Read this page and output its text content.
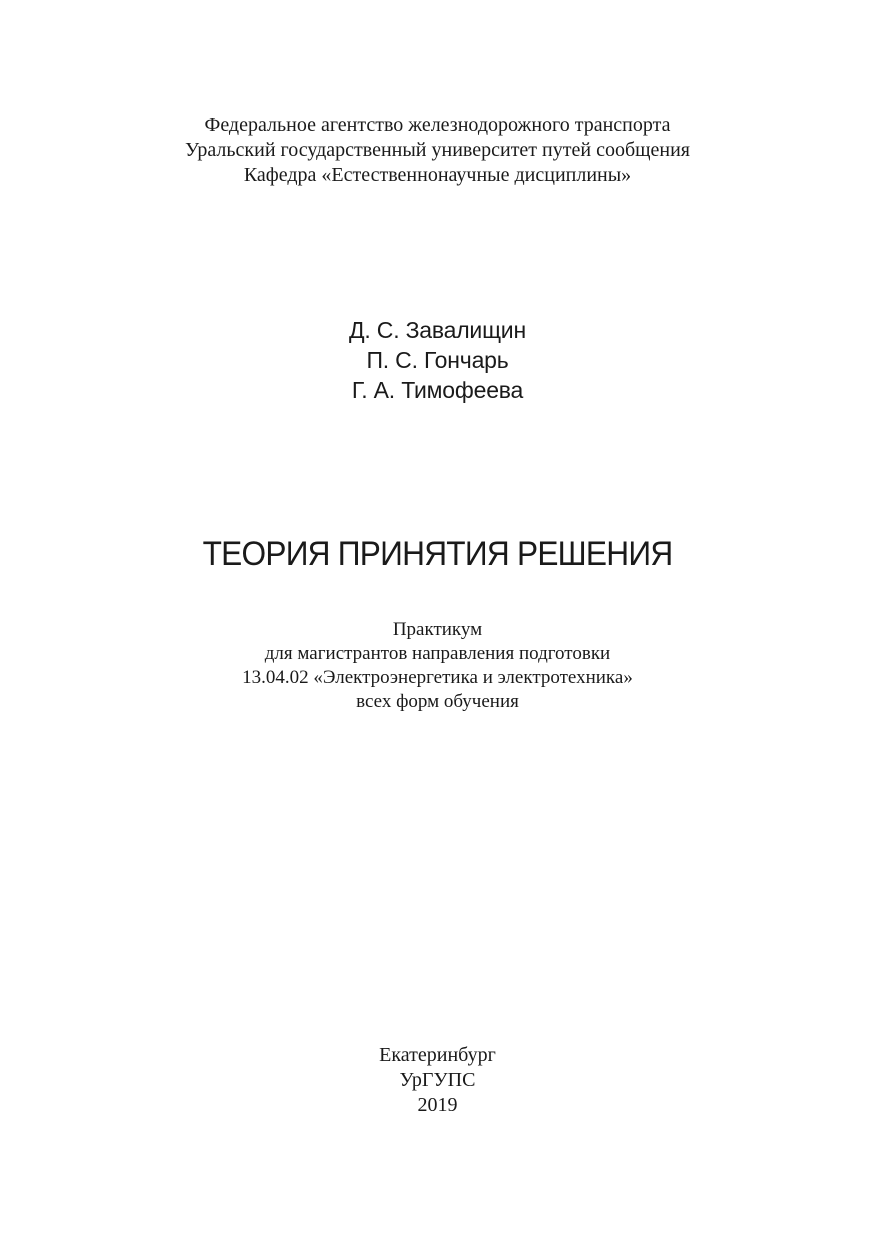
Федеральное агентство железнодорожного транспорта
Уральский государственный университет путей сообщения
Кафедра «Естественнонаучные дисциплины»
Д. С. Завалищин
П. С. Гончарь
Г. А. Тимофеева
ТЕОРИЯ ПРИНЯТИЯ РЕШЕНИЯ
Практикум
для магистрантов направления подготовки
13.04.02 «Электроэнергетика и электротехника»
всех форм обучения
Екатеринбург
УрГУПС
2019
